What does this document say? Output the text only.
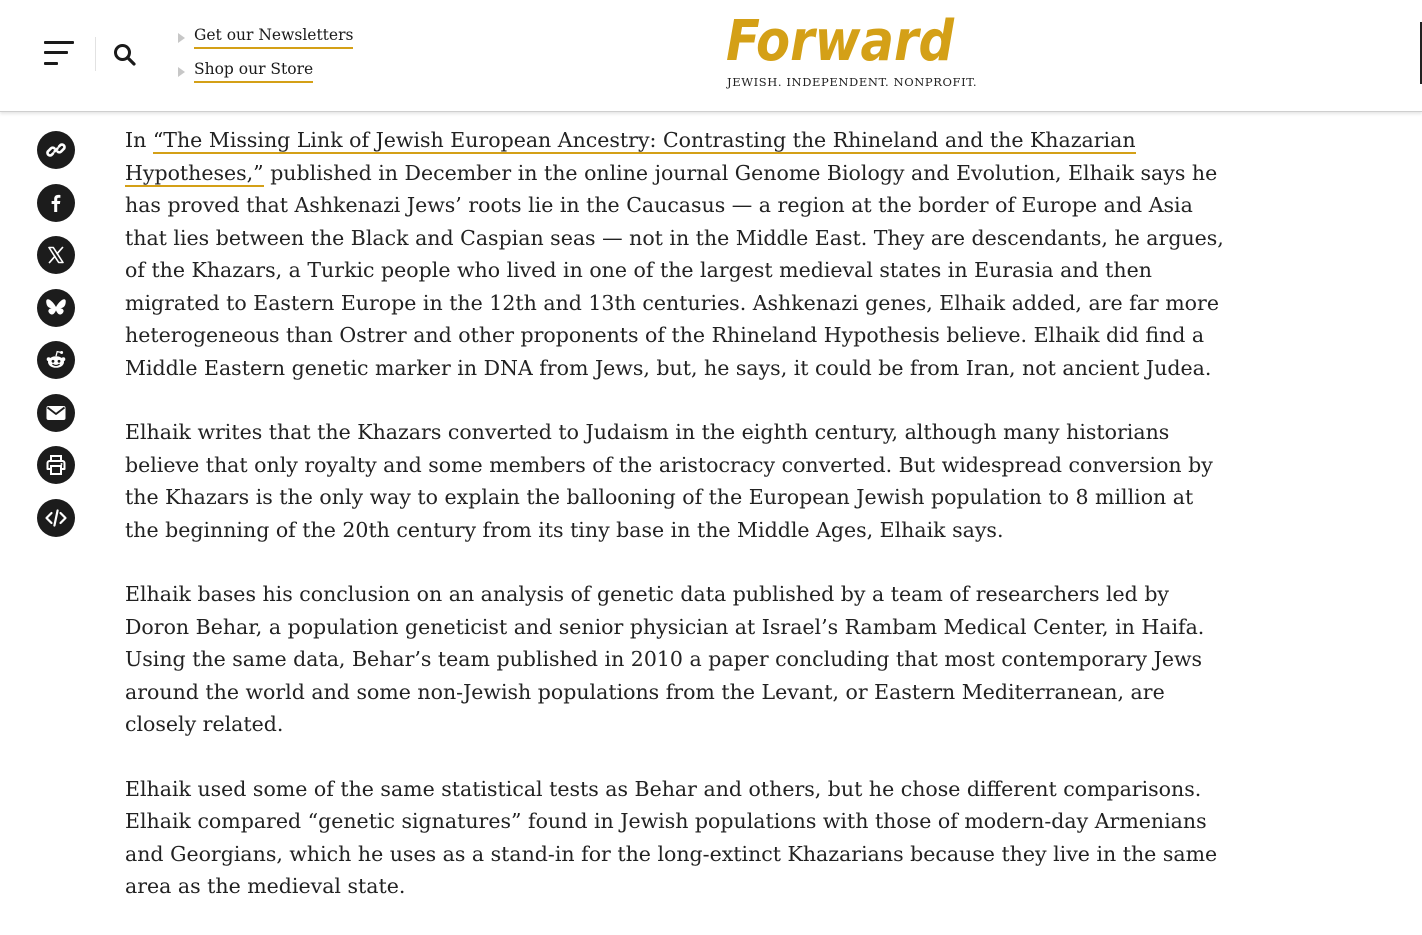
Get our Newsletters
Shop our Store	Forward
JEWISH. INDEPENDENT. NONPROFIT.

In “The Missing Link of Jewish European Ancestry: Contrasting the Rhineland and the Khazarian Hypotheses,” published in December in the online journal Genome Biology and Evolution, Elhaik says he has proved that Ashkenazi Jews’ roots lie in the Caucasus — a region at the border of Europe and Asia that lies between the Black and Caspian seas — not in the Middle East. They are descendants, he argues, of the Khazars, a Turkic people who lived in one of the largest medieval states in Eurasia and then migrated to Eastern Europe in the 12th and 13th centuries. Ashkenazi genes, Elhaik added, are far more heterogeneous than Ostrer and other proponents of the Rhineland Hypothesis believe. Elhaik did find a Middle Eastern genetic marker in DNA from Jews, but, he says, it could be from Iran, not ancient Judea.

Elhaik writes that the Khazars converted to Judaism in the eighth century, although many historians believe that only royalty and some members of the aristocracy converted. But widespread conversion by the Khazars is the only way to explain the ballooning of the European Jewish population to 8 million at the beginning of the 20th century from its tiny base in the Middle Ages, Elhaik says.

Elhaik bases his conclusion on an analysis of genetic data published by a team of researchers led by Doron Behar, a population geneticist and senior physician at Israel’s Rambam Medical Center, in Haifa. Using the same data, Behar’s team published in 2010 a paper concluding that most contemporary Jews around the world and some non-Jewish populations from the Levant, or Eastern Mediterranean, are closely related.

Elhaik used some of the same statistical tests as Behar and others, but he chose different comparisons. Elhaik compared “genetic signatures” found in Jewish populations with those of modern-day Armenians and Georgians, which he uses as a stand-in for the long-extinct Khazarians because they live in the same area as the medieval state.
